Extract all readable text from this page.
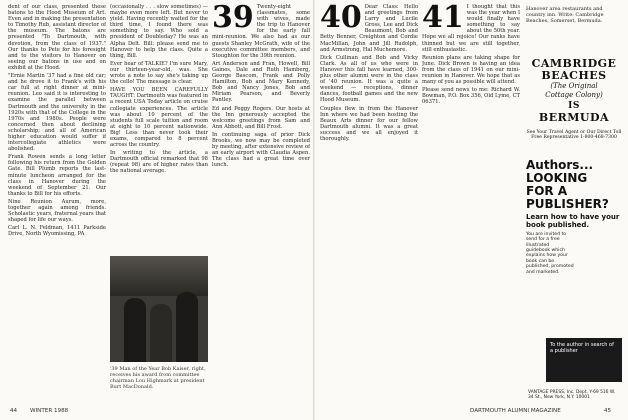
dent of our class, presented these batons to the Hood Museum of Art. Even and in making the presentation to Timothy Rub, assistant director of the museum. The batons are presented "To Dartmouth, with devotion, from the class of 1937." Our thanks to Pete for his foresight and to the visitors to Hanover on seeing our batons in use and on exhibit at the Hood.

"Ernie Martin '37 had a fine old car; and he drove it to Frank's with his car full at right dinner at mini-reunion. Leo said it is interesting to examine the parallel between Dartmouth and the university in the 1920s with that of the College in the 1970s and 1980s. People were concerned then about declining scholarship; and all of American higher education would suffer if intercollegiate athletics were abolished.

Frank Rowen sends a long letter following his return from the Golden Gate. Bill Plumb reports the last-minute luncheon arranged for the class in Hanover during the weekend of September 21. Our thanks to Bill for his efforts.

Nine Reunion Aurum, more, together again among friends. Scholastic years, fraternal years that shaped for life our ways.

Carl L. N. Feldman, 1411 Parkside Drive, North Wyomissing, PA

(occasionally . . . slow sometimes) — maybe even more left. But never to yield. Having recently waited for the third time, I found there was something to say. Who sold a president of Doubleday? He was an Alpha Delt. Bill: please send me to Hanover to help the class. Quite a thing, Bill.

Ever hear of TALKIE? I'm sure Mary, our thirteen-year-old, was. She wrote a note to say she's taking up the cello! The message is clear.

HAVE YOU BEEN CAREFULLY TAUGHT: Dartmouth was featured in a recent USA Today article on cruise collegiate experiences. The article was about 10 percent of the students full scale tuition and room at eight to 10 percent nationwide. Big! Less than never took their exams, compared to 8 percent across the country.

In writing to the article, a Dartmouth official remarked that 98 (repeat 98) are of higher rates than the national average.

'39 Man of the Year Bob Kaiser, right, receives his award from committee chairman Lou Highmark at president Burt MacDonald.

39 Twenty-eight classmates, some with wives, made the trip to Hanover for the early fall mini-reunion. We also had as our guests Shanley McGrath, wife of the executive committee members, and Stoughton for the 39th reunion.

Art Anderson and Fran, Howell, Bill Gaines, Dale and Ruth Hamberg, George Bascom, Frank and Polly Hamilton, Bob and Mary Kennedy, Bob and Nancy Jones, Bob and Miriam Pearson, and Beverly Pantley.

Ed and Peggy Rogers. Our hosts at the Inn generously accepted the welcome greetings from Sam and Ann Abbott, and Bill Frost.

In continuing saga of prior Dick Brooks, we now may be completed by meeting, after extensive review of an early airport with Claudia Aspen. The class had a great time over lunch.

40 Dear Class: Hello and greetings from Larry and Lucile Gross, Lee and Dick Beaumont, Bob and Betty Benner, Creighton and Cordie MacMillan, John and Jill Rudolph, and Armstrong, Hal Muchemore.

Dick Cullinan and Bob and Vicky Clark. As all of us who were in Hanover this fall have learned, 300-plus other alumni were in the class of '40 reunion. It was a quite a weekend — receptions, dinner dances, football games and the new Hood Museum.

Couples flew in from the Hanover Inn where we had been hosting the Beaux Arts dinner for our fellow Dartmouth alumni. It was a great success and we all enjoyed it thoroughly.

41 I thought that this was the year when I would finally have something to say about the 50th year. Hope we all rejoice! Our ranks have thinned but we are still together, still enthusiastic.

Reunion plans are taking shape for June. Dick Brown is having an idea from the class of 1941 on our mini-reunion in Hanover. We hope that as many of you as possible will attend.

Please send news to me: Richard W. Bowman, P.O. Box 356, Old Lyme, CT 06371.

Hanover area restaurants and country inn. Write: Cambridge Beaches, Somerset, Bermuda.
CAMBRIDGE
BEACHES
(The Original
Cottage Colony)
IS
BERMUDA
See Your Travel Agent or Our Direct Toll Free Representative 1-800-468-7300
Authors...
LOOKING
FOR A
PUBLISHER?
Learn how to have your book published.
You are invited to send for a free illustrated guidebook which explains how your book can be published, promoted and marketed.
To the author in search of a publisher
VANTAGE PRESS, Inc. Dept. Y-69 516 W. 34 St., New York, N.Y. 10001
44 WINTER 1988	DARTMOUTH ALUMNI MAGAZINE	45
